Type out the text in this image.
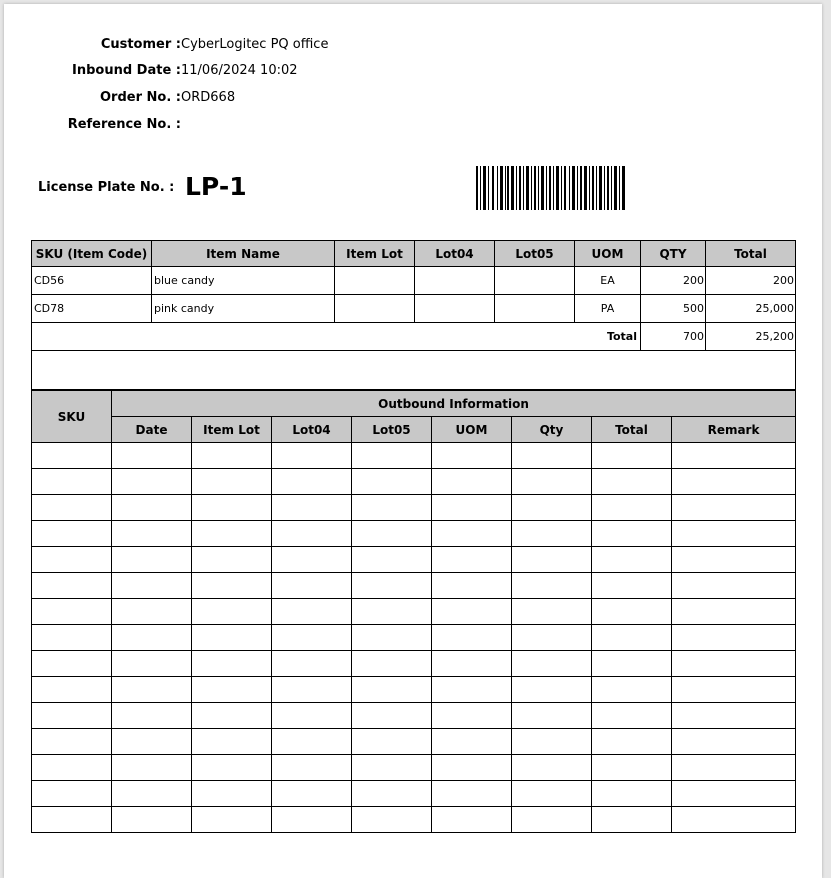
Customer : CyberLogitec PQ office
Inbound Date : 11/06/2024 10:02
Order No. : ORD668
Reference No. :
License Plate No. : LP-1
SKU (Item Code)	Item Name	Item Lot	Lot04	Lot05	UOM	QTY	Total
CD56	blue candy				EA	200	200
CD78	pink candy				PA	500	25,000
Total						700	25,200

SKU	Outbound Information							
	Date	Item Lot	Lot04	Lot05	UOM	Qty	Total	Remark
